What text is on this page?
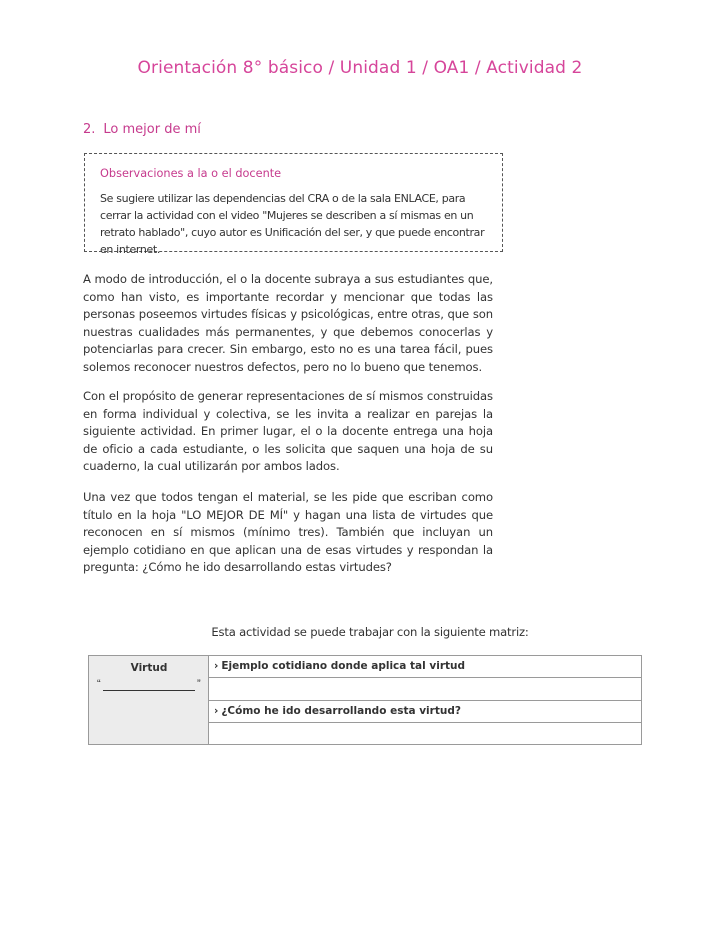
Orientación 8° básico / Unidad 1 / OA1 / Actividad 2
2. Lo mejor de mí
Observaciones a la o el docente
Se sugiere utilizar las dependencias del CRA o de la sala ENLACE, para cerrar la actividad con el video "Mujeres se describen a sí mismas en un retrato hablado", cuyo autor es Unificación del ser, y que puede encontrar en internet.
A modo de introducción, el o la docente subraya a sus estudiantes que, como han visto, es importante recordar y mencionar que todas las personas poseemos virtudes físicas y psicológicas, entre otras, que son nuestras cualidades más permanentes, y que debemos conocerlas y potenciarlas para crecer. Sin embargo, esto no es una tarea fácil, pues solemos reconocer nuestros defectos, pero no lo bueno que tenemos.
Con el propósito de generar representaciones de sí mismos construidas en forma individual y colectiva, se les invita a realizar en parejas la siguiente actividad. En primer lugar, el o la docente entrega una hoja de oficio a cada estudiante, o les solicita que saquen una hoja de su cuaderno, la cual utilizarán por ambos lados.
Una vez que todos tengan el material, se les pide que escriban como título en la hoja "LO MEJOR DE MÍ" y hagan una lista de virtudes que reconocen en sí mismos (mínimo tres). También que incluyan un ejemplo cotidiano en que aplican una de esas virtudes y respondan la pregunta: ¿Cómo he ido desarrollando estas virtudes?
Esta actividad se puede trabajar con la siguiente matriz:
Virtud
“	”
› Ejemplo cotidiano donde aplica tal virtud
› ¿Cómo he ido desarrollando esta virtud?
